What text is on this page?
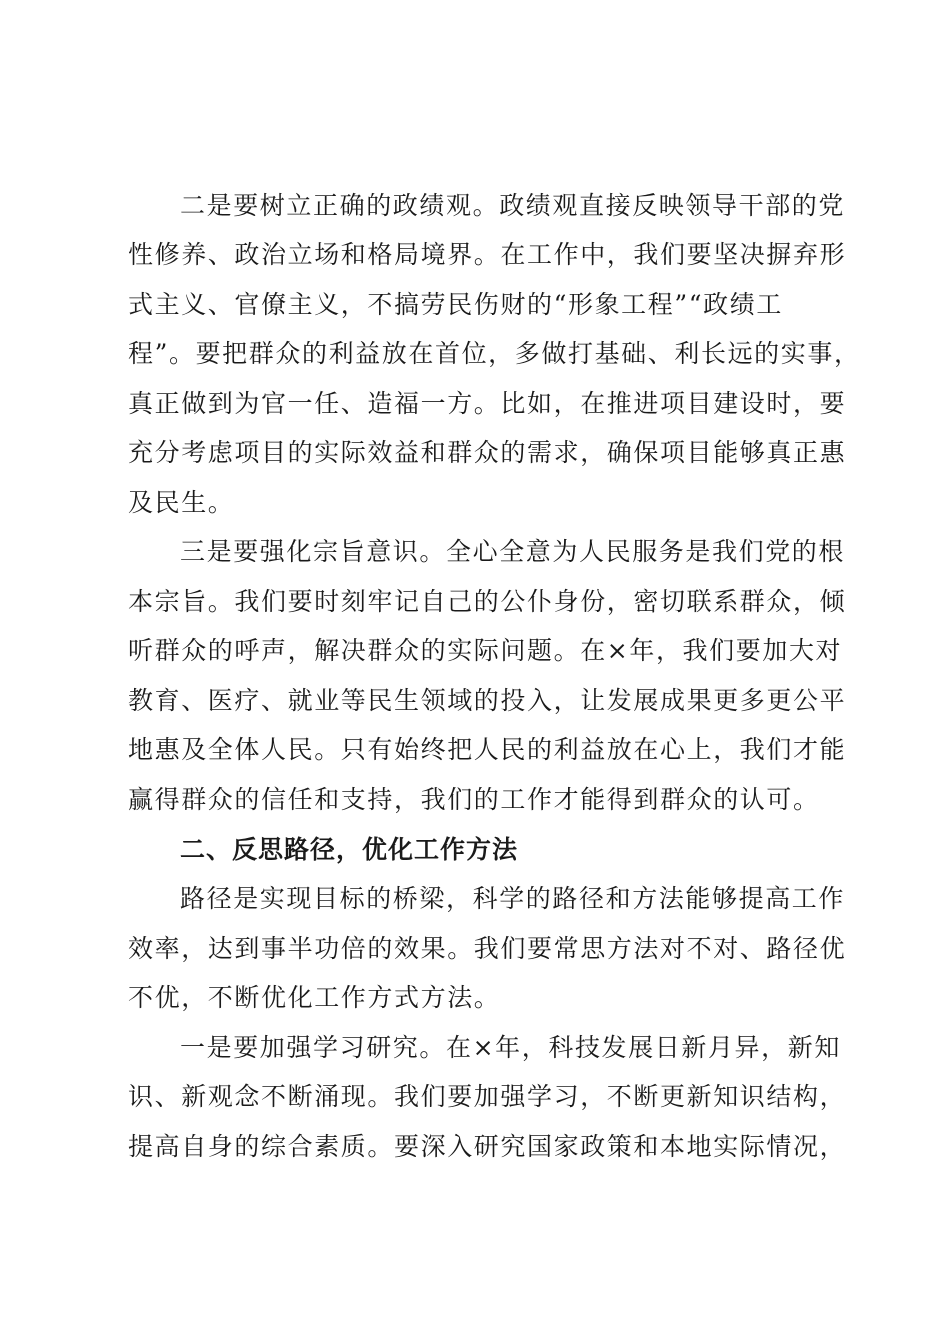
二是要树立正确的政绩观。政绩观直接反映领导干部的党
性修养、政治立场和格局境界。在工作中，我们要坚决摒弃形
式主义、官僚主义，不搞劳民伤财的“形象工程”“政绩工
程”。要把群众的利益放在首位，多做打基础、利长远的实事，
真正做到为官一任、造福一方。比如，在推进项目建设时，要
充分考虑项目的实际效益和群众的需求，确保项目能够真正惠
及民生。
三是要强化宗旨意识。全心全意为人民服务是我们党的根
本宗旨。我们要时刻牢记自己的公仆身份，密切联系群众，倾
听群众的呼声，解决群众的实际问题。在×年，我们要加大对
教育、医疗、就业等民生领域的投入，让发展成果更多更公平
地惠及全体人民。只有始终把人民的利益放在心上，我们才能
赢得群众的信任和支持，我们的工作才能得到群众的认可。
二、反思路径，优化工作方法
路径是实现目标的桥梁，科学的路径和方法能够提高工作
效率，达到事半功倍的效果。我们要常思方法对不对、路径优
不优，不断优化工作方式方法。
一是要加强学习研究。在×年，科技发展日新月异，新知
识、新观念不断涌现。我们要加强学习，不断更新知识结构，
提高自身的综合素质。要深入研究国家政策和本地实际情况，
